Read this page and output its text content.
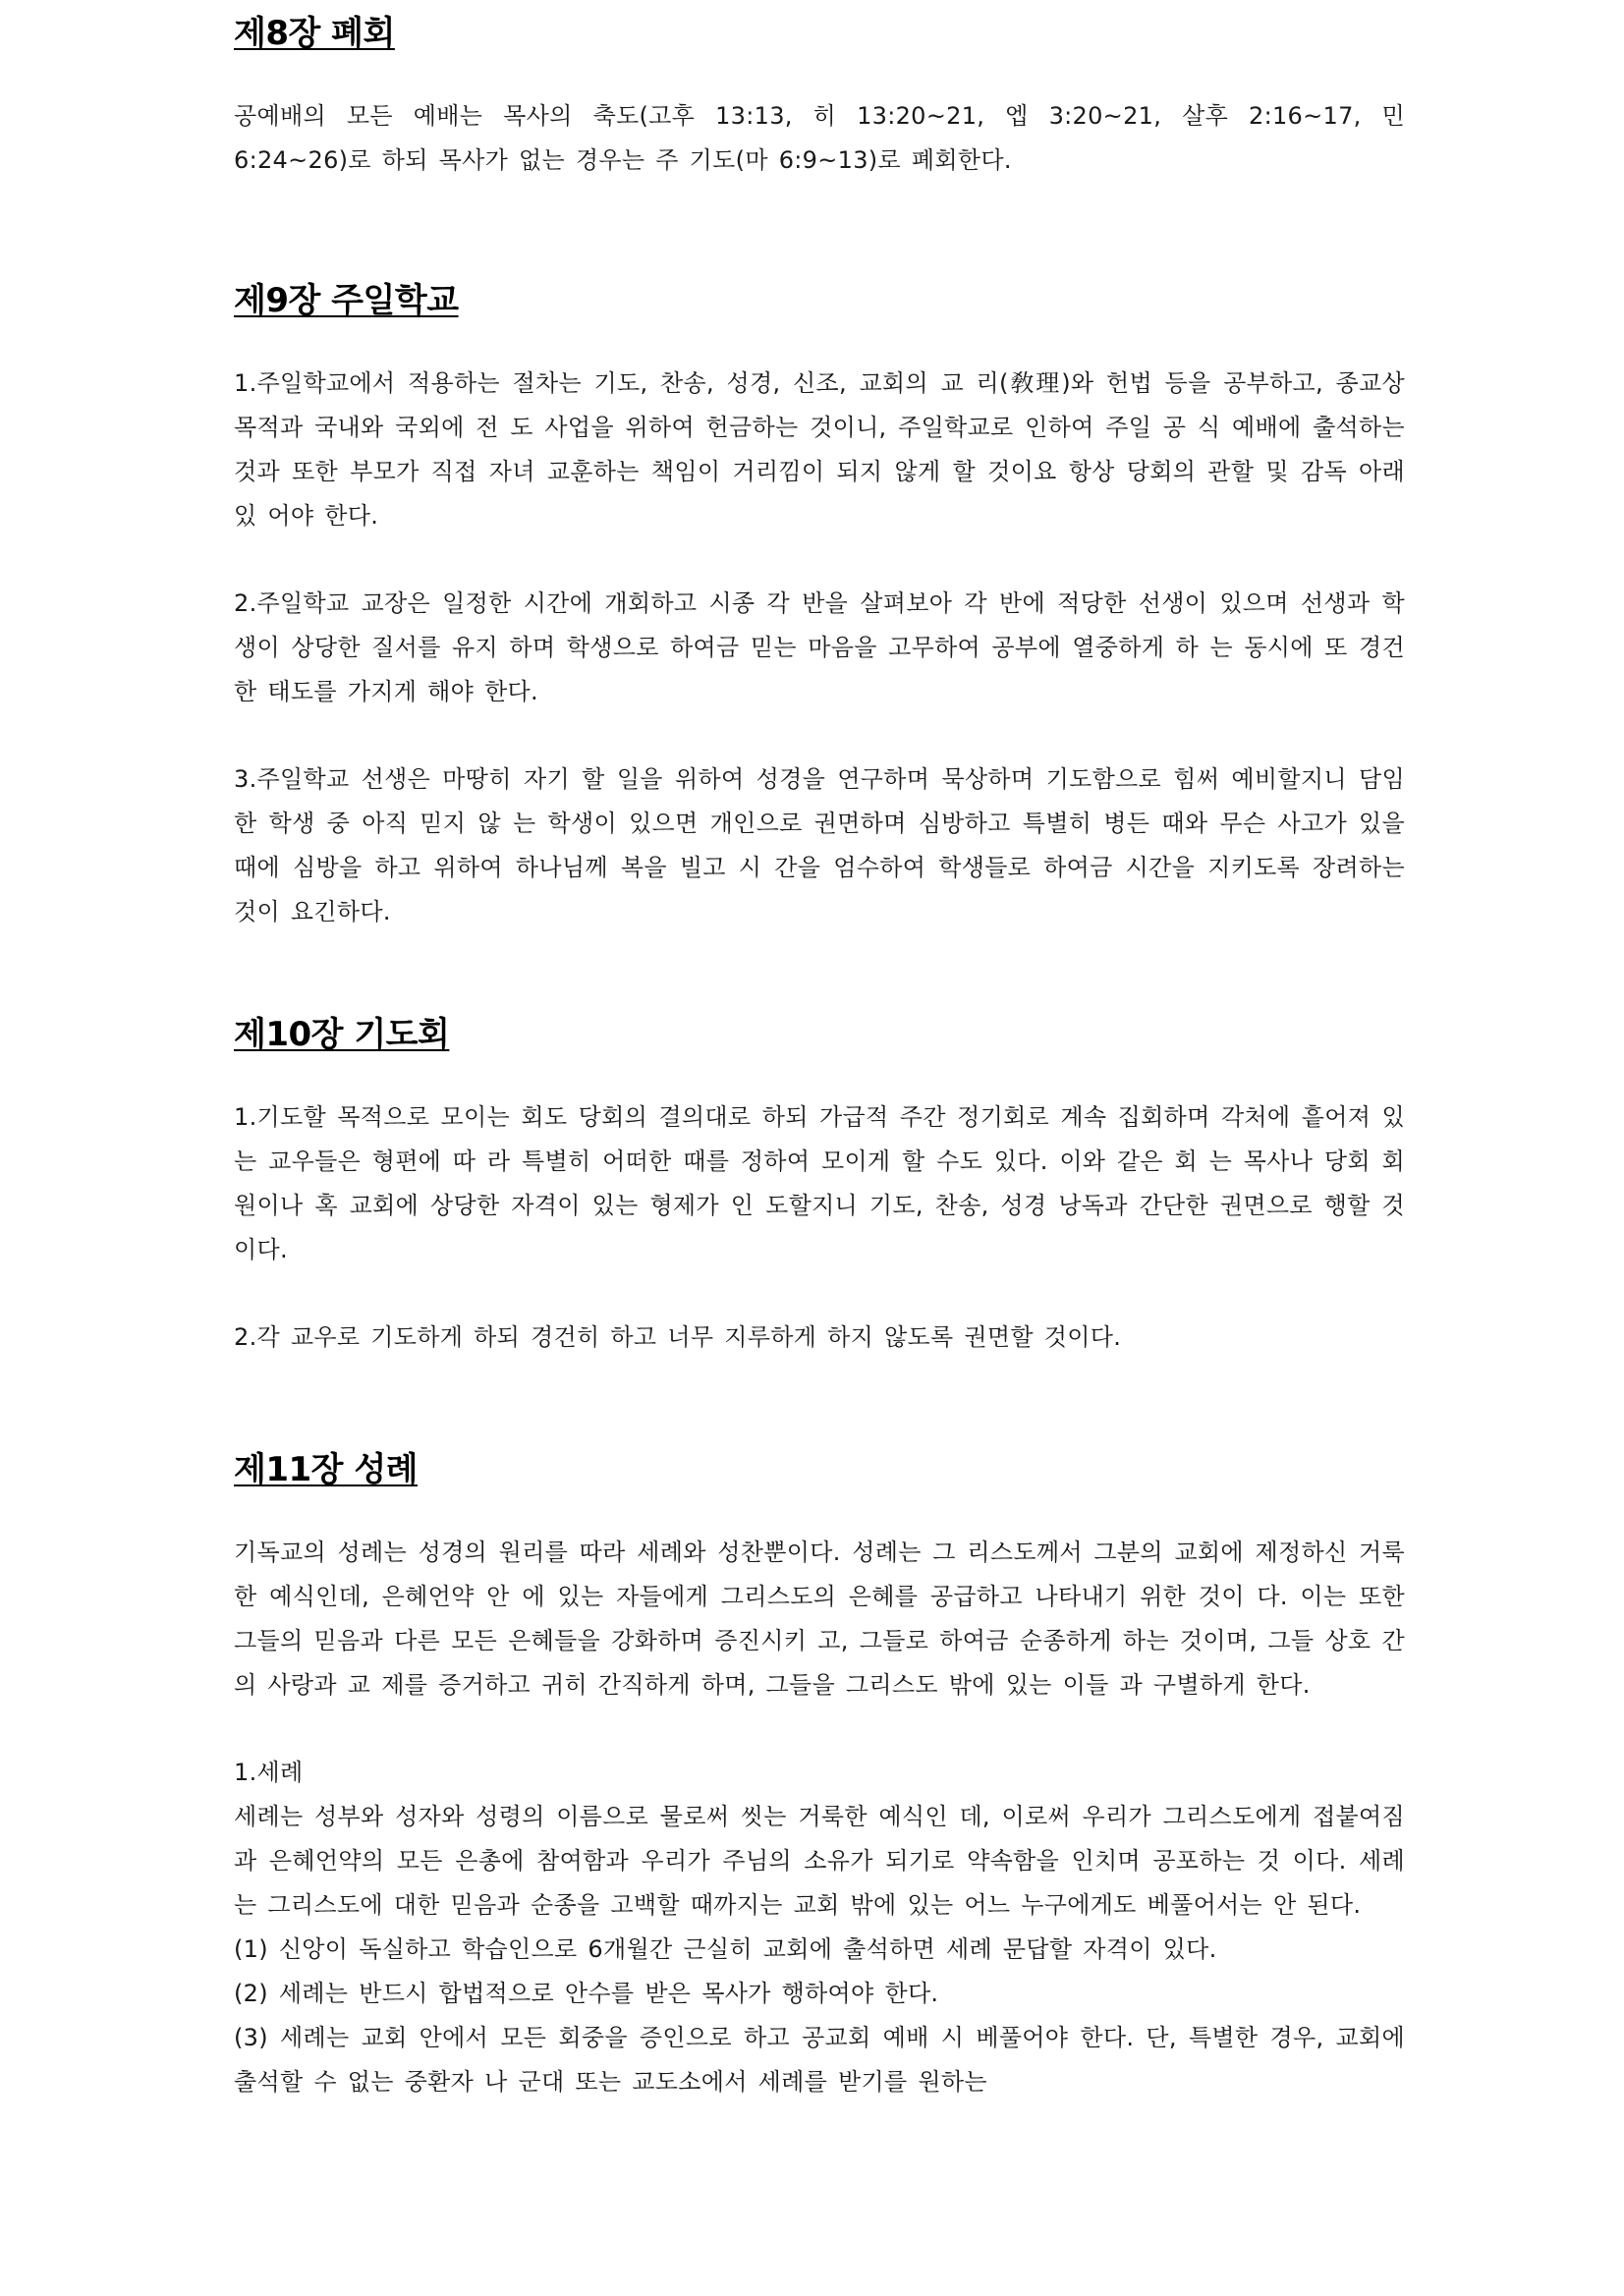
제8장 폐회

공예배의 모든 예배는 목사의 축도(고후 13:13, 히 13:20~21, 엡 3:20~21, 살후 2:16~17, 민 6:24~26)로 하되 목사가 없는 경우는 주 기도(마 6:9~13)로 폐회한다.

제9장 주일학교

1.주일학교에서 적용하는 절차는 기도, 찬송, 성경, 신조, 교회의 교 리(敎理)와 헌법 등을 공부하고, 종교상 목적과 국내와 국외에 전 도 사업을 위하여 헌금하는 것이니, 주일학교로 인하여 주일 공 식 예배에 출석하는 것과 또한 부모가 직접 자녀 교훈하는 책임이 거리낌이 되지 않게 할 것이요 항상 당회의 관할 및 감독 아래 있 어야 한다.

2.주일학교 교장은 일정한 시간에 개회하고 시종 각 반을 살펴보아 각 반에 적당한 선생이 있으며 선생과 학생이 상당한 질서를 유지 하며 학생으로 하여금 믿는 마음을 고무하여 공부에 열중하게 하 는 동시에 또 경건한 태도를 가지게 해야 한다.

3.주일학교 선생은 마땅히 자기 할 일을 위하여 성경을 연구하며 묵상하며 기도함으로 힘써 예비할지니 담임한 학생 중 아직 믿지 않 는 학생이 있으면 개인으로 권면하며 심방하고 특별히 병든 때와 무슨 사고가 있을 때에 심방을 하고 위하여 하나님께 복을 빌고 시 간을 엄수하여 학생들로 하여금 시간을 지키도록 장려하는 것이 요긴하다.

제10장 기도회

1.기도할 목적으로 모이는 회도 당회의 결의대로 하되 가급적 주간 정기회로 계속 집회하며 각처에 흩어져 있는 교우들은 형편에 따 라 특별히 어떠한 때를 정하여 모이게 할 수도 있다. 이와 같은 회 는 목사나 당회 회원이나 혹 교회에 상당한 자격이 있는 형제가 인 도할지니 기도, 찬송, 성경 낭독과 간단한 권면으로 행할 것이다.

2.각 교우로 기도하게 하되 경건히 하고 너무 지루하게 하지 않도록 권면할 것이다.

제11장 성례

기독교의 성례는 성경의 원리를 따라 세례와 성찬뿐이다. 성례는 그 리스도께서 그분의 교회에 제정하신 거룩한 예식인데, 은혜언약 안 에 있는 자들에게 그리스도의 은혜를 공급하고 나타내기 위한 것이 다. 이는 또한 그들의 믿음과 다른 모든 은혜들을 강화하며 증진시키 고, 그들로 하여금 순종하게 하는 것이며, 그들 상호 간의 사랑과 교 제를 증거하고 귀히 간직하게 하며, 그들을 그리스도 밖에 있는 이들 과 구별하게 한다.

1.세례

세례는 성부와 성자와 성령의 이름으로 물로써 씻는 거룩한 예식인 데, 이로써 우리가 그리스도에게 접붙여짐과 은혜언약의 모든 은총에 참여함과 우리가 주님의 소유가 되기로 약속함을 인치며 공포하는 것 이다. 세례는 그리스도에 대한 믿음과 순종을 고백할 때까지는 교회 밖에 있는 어느 누구에게도 베풀어서는 안 된다.

(1) 신앙이 독실하고 학습인으로 6개월간 근실히 교회에 출석하면 세례 문답할 자격이 있다.

(2) 세례는 반드시 합법적으로 안수를 받은 목사가 행하여야 한다.

(3) 세례는 교회 안에서 모든 회중을 증인으로 하고 공교회 예배 시 베풀어야 한다. 단, 특별한 경우, 교회에 출석할 수 없는 중환자 나 군대 또는 교도소에서 세례를 받기를 원하는
